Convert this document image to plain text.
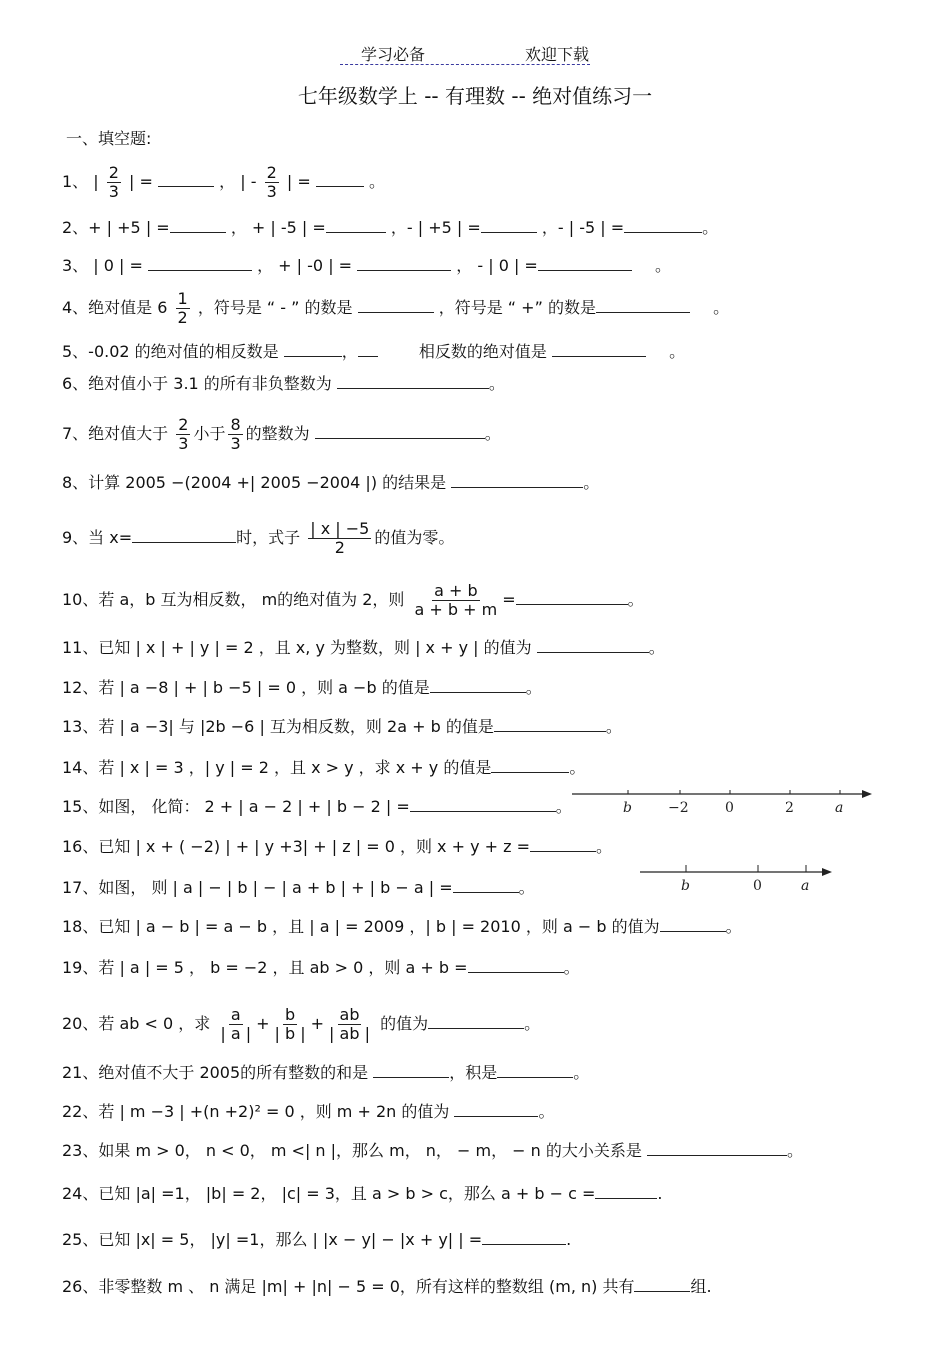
学习必备	欢迎下载
七年级数学上 -- 有理数 -- 绝对值练习一
一、填空题:
1、 | $\frac{2}{3}$ | =	， | - $\frac{2}{3}$ | =	。
2、+ | +5 | =	， + | -5 | =	，- | +5 | =	，- | -5 | =	。
3、 | 0 | =	， + | -0 | =	， - | 0 | =	。
4、绝对值是 $6 \frac{1}{2}$ ，符号是 “ - ” 的数是	，符号是 “ +” 的数是	。
5、-0.02 的绝对值的相反数是	，	相反数的绝对值是	。
6、绝对值小于 3.1 的所有非负整数为	。
7、绝对值大于 $\frac{2}{3}$ 小于 $\frac{8}{3}$ 的整数为	。
8、计算 2005 −(2004 +| 2005 −2004 |) 的结果是	。
9、当 x=	时，式子 $\frac{| x | -5}{2}$ 的值为零。
10、若 a，b 互为相反数， m的绝对值为 2，则 $\frac{a + b}{a + b + m}$ =	。
11、已知 | x | + | y | = 2 ，且 x, y 为整数，则 | x + y | 的值为	。
12、若 | a −8 | + | b −5 | = 0 ，则 a −b 的值是	。
13、若 | a −3| 与 |2b −6 | 互为相反数，则 2a + b 的值是	。
14、若 | x | = 3 ，| y | = 2 ，且 x > y ，求 x + y 的值是	。
15、如图， 化简： 2 + | a − 2 | + | b − 2 | =	。	b	−2	0	2	a
16、已知 | x + ( −2) | + | y +3| + | z | = 0 ，则 x + y + z =	。
17、如图， 则 | a | − | b | − | a + b | + | b − a | =	。	b	0	a
18、已知 | a − b | = a − b ，且 | a | = 2009 ，| b | = 2010 ，则 a − b 的值为	。
19、若 | a | = 5 ， b = −2 ，且 ab > 0 ，则 a + b =	。
20、若 ab < 0 ，求 $\frac{a}{| a |} + \frac{b}{| b |} + \frac{ab}{| ab |}$ 的值为	。
21、绝对值不大于 2005的所有整数的和是	，积是	。
22、若 | m −3 | +(n +2)² = 0 ，则 m + 2n 的值为	。
23、如果 m > 0， n < 0， m <| n |，那么 m， n， − m， − n 的大小关系是	。
24、已知 |a| =1， |b| = 2， |c| = 3，且 a > b > c，那么 a + b − c =	.
25、已知 |x| = 5， |y| =1，那么 | |x − y| − |x + y| | =	.
26、非零整数 m 、 n 满足 |m| + |n| − 5 = 0，所有这样的整数组 (m, n) 共有	组.
